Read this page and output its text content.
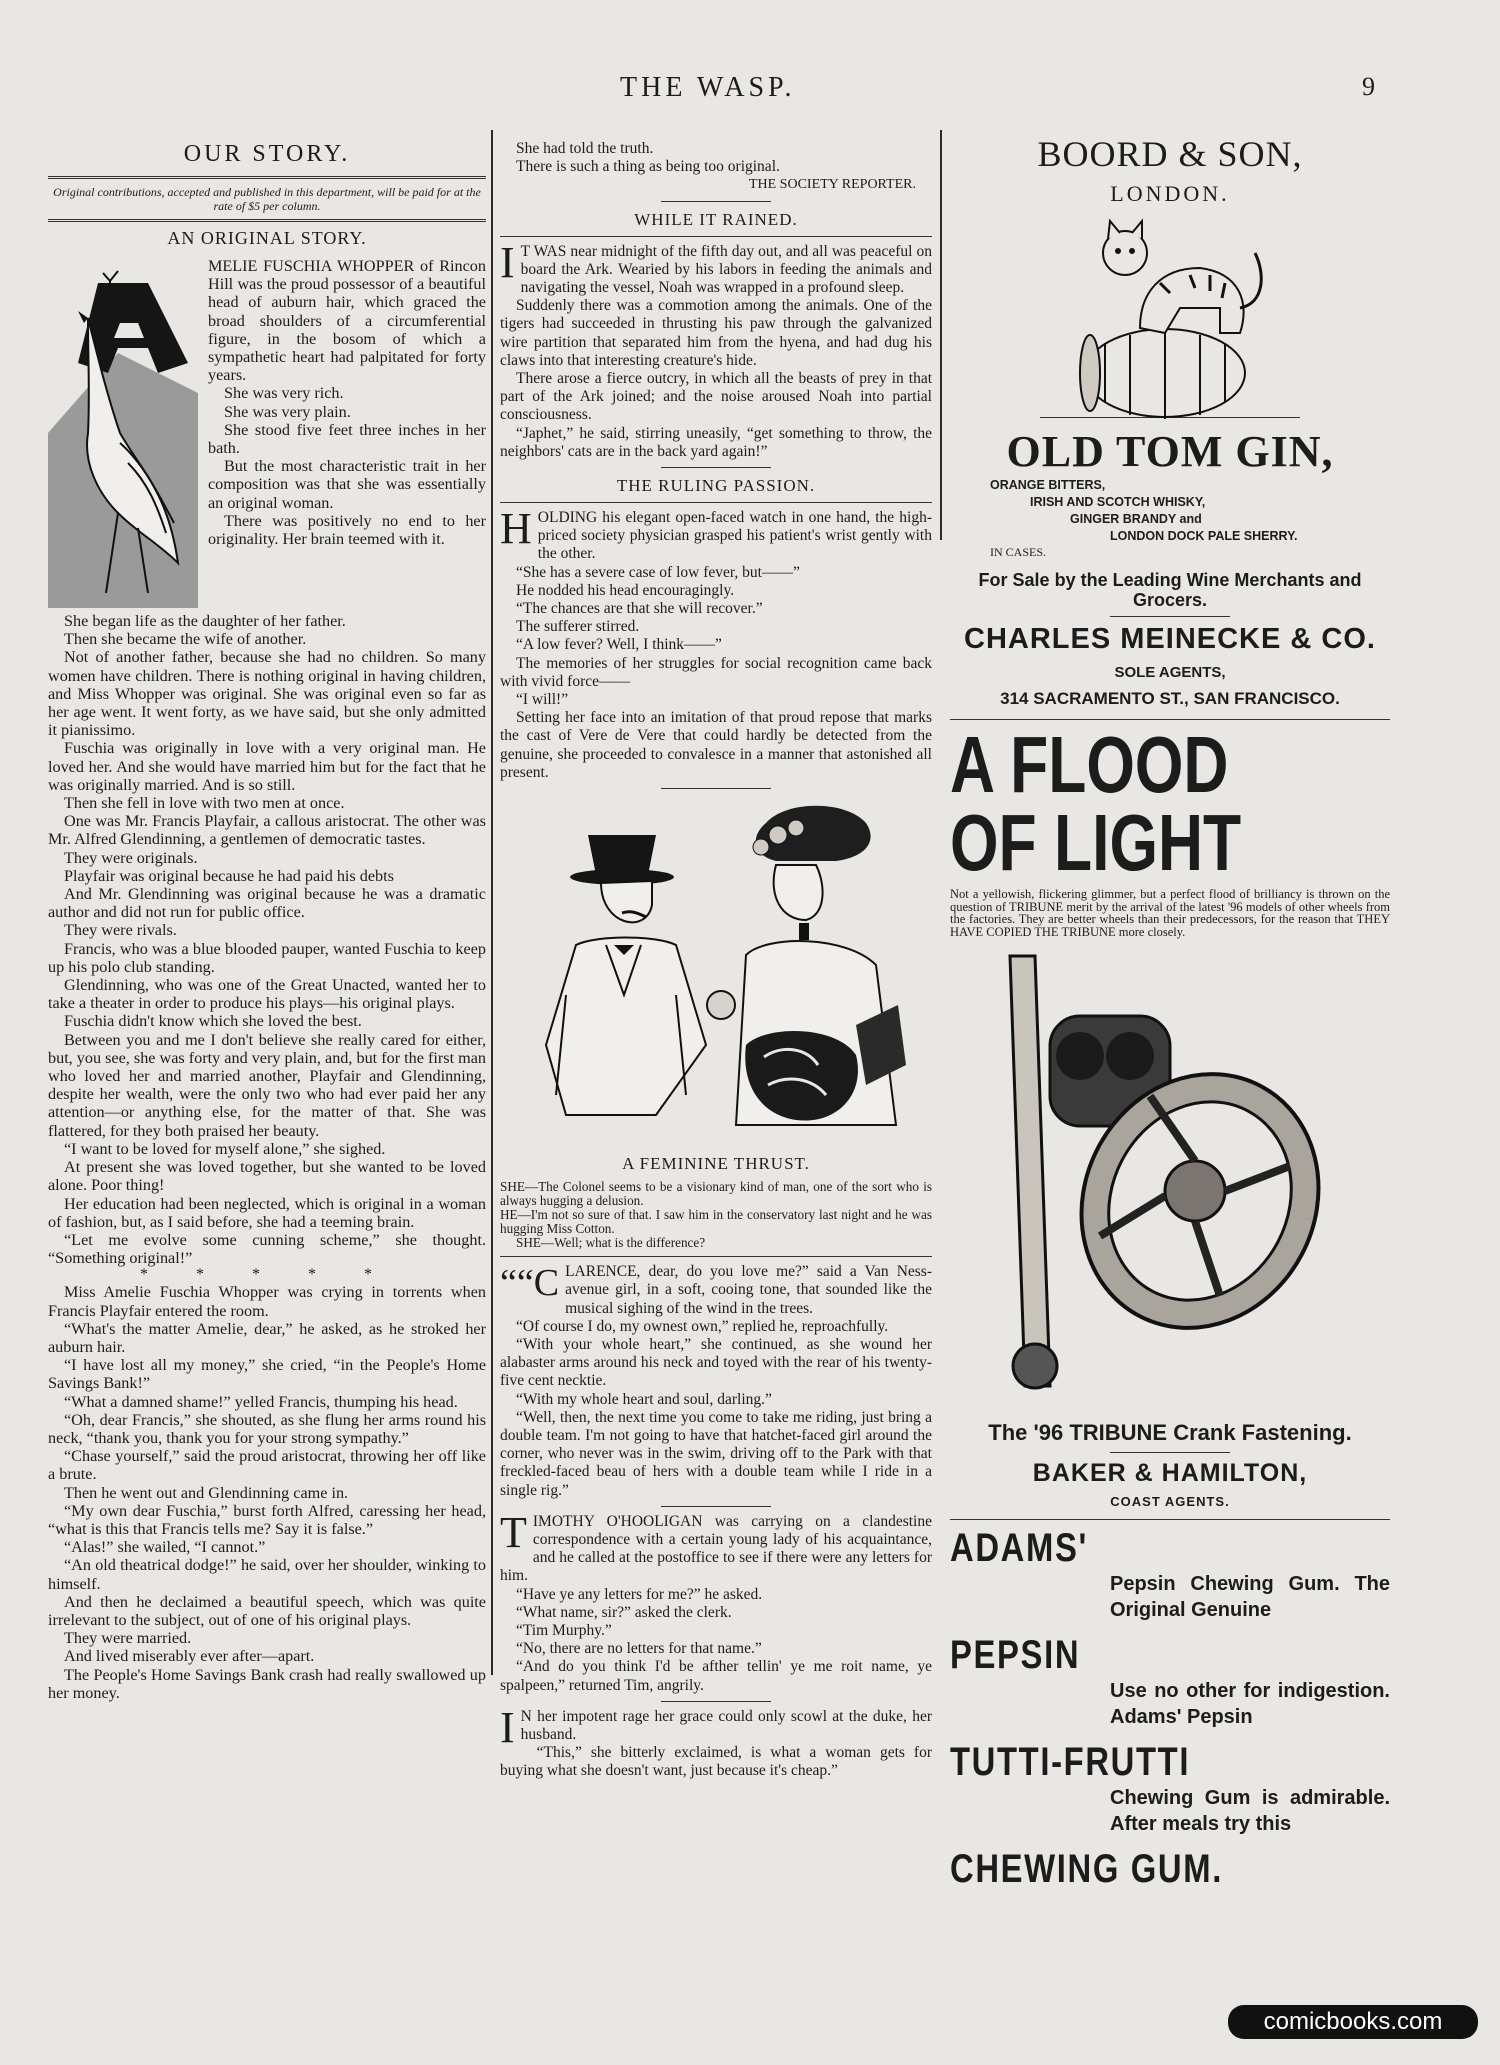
THE WASP.	9
OUR STORY.

Original contributions, accepted and published in this department, will be paid for at the rate of $5 per column.

AN ORIGINAL STORY.

MELIE FUSCHIA WHOPPER of Rincon Hill was the proud possessor of a beautiful head of auburn hair, which graced the broad shoulders of a circumferential figure, in the bosom of which a sympathetic heart had palpitated for forty years.

She was very rich.

She was very plain.

She stood five feet three inches in her bath.

But the most characteristic trait in her composition was that she was essentially an original woman.

There was positively no end to her originality. Her brain teemed with it.

She began life as the daughter of her father.

Then she became the wife of another.

Not of another father, because she had no children. So many women have children. There is nothing original in having children, and Miss Whopper was original. She was original even so far as her age went. It went forty, as we have said, but she only admitted it pianissimo.

Fuschia was originally in love with a very original man. He loved her. And she would have married him but for the fact that he was originally married. And is so still.

Then she fell in love with two men at once.

One was Mr. Francis Playfair, a callous aristocrat. The other was Mr. Alfred Glendinning, a gentlemen of democratic tastes.

They were originals.

Playfair was original because he had paid his debts

And Mr. Glendinning was original because he was a dramatic author and did not run for public office.

They were rivals.

Francis, who was a blue blooded pauper, wanted Fuschia to keep up his polo club standing.

Glendinning, who was one of the Great Unacted, wanted her to take a theater in order to produce his plays—his original plays.

Fuschia didn't know which she loved the best.

Between you and me I don't believe she really cared for either, but, you see, she was forty and very plain, and, but for the first man who loved her and married another, Playfair and Glendinning, despite her wealth, were the only two who had ever paid her any attention—or anything else, for the matter of that. She was flattered, for they both praised her beauty.

“I want to be loved for myself alone,” she sighed.

At present she was loved together, but she wanted to be loved alone. Poor thing!

Her education had been neglected, which is original in a woman of fashion, but, as I said before, she had a teeming brain.

“Let me evolve some cunning scheme,” she thought. “Something original!”

* * * * *

Miss Amelie Fuschia Whopper was crying in torrents when Francis Playfair entered the room.

“What's the matter Amelie, dear,” he asked, as he stroked her auburn hair.

“I have lost all my money,” she cried, “in the People's Home Savings Bank!”

“What a damned shame!” yelled Francis, thumping his head.

“Oh, dear Francis,” she shouted, as she flung her arms round his neck, “thank you, thank you for your strong sympathy.”

“Chase yourself,” said the proud aristocrat, throwing her off like a brute.

Then he went out and Glendinning came in.

“My own dear Fuschia,” burst forth Alfred, caressing her head, “what is this that Francis tells me? Say it is false.”

“Alas!” she wailed, “I cannot.”

“An old theatrical dodge!” he said, over her shoulder, winking to himself.

And then he declaimed a beautiful speech, which was quite irrelevant to the subject, out of one of his original plays.

They were married.

And lived miserably ever after—apart.

The People's Home Savings Bank crash had really swallowed up her money.

She had told the truth.

There is such a thing as being too original.

THE SOCIETY REPORTER.

WHILE IT RAINED.

I T WAS near midnight of the fifth day out, and all was peaceful on board the Ark. Wearied by his labors in feeding the animals and navigating the vessel, Noah was wrapped in a profound sleep.

Suddenly there was a commotion among the animals. One of the tigers had succeeded in thrusting his paw through the galvanized wire partition that separated him from the hyena, and had dug his claws into that interesting creature's hide.

There arose a fierce outcry, in which all the beasts of prey in that part of the Ark joined; and the noise aroused Noah into partial consciousness.

“Japhet,” he said, stirring uneasily, “get something to throw, the neighbors' cats are in the back yard again!”

THE RULING PASSION.

HOLDING his elegant open-faced watch in one hand, the high-priced society physician grasped his patient's wrist gently with the other.

“She has a severe case of low fever, but——”

He nodded his head encouragingly.

“The chances are that she will recover.”

The sufferer stirred.

“A low fever? Well, I think——”

The memories of her struggles for social recognition came back with vivid force——

“I will!”

Setting her face into an imitation of that proud repose that marks the cast of Vere de Vere that could hardly be detected from the genuine, she proceeded to convalesce in a manner that astonished all present.

A FEMININE THRUST.

SHE—The Colonel seems to be a visionary kind of man, one of the sort who is always hugging a delusion.

HE—I'm not so sure of that. I saw him in the conservatory last night and he was hugging Miss Cotton.

SHE—Well; what is the difference?

““C LARENCE, dear, do you love me?” said a Van Ness-avenue girl, in a soft, cooing tone, that sounded like the musical sighing of the wind in the trees.

“Of course I do, my ownest own,” replied he, reproachfully.

“With your whole heart,” she continued, as she wound her alabaster arms around his neck and toyed with the rear of his twenty-five cent necktie.

“With my whole heart and soul, darling.”

“Well, then, the next time you come to take me riding, just bring a double team. I'm not going to have that hatchet-faced girl around the corner, who never was in the swim, driving off to the Park with that freckled-faced beau of hers with a double team while I ride in a single rig.”

TIMOTHY O'HOOLIGAN was carrying on a clandestine correspondence with a certain young lady of his acquaintance, and he called at the postoffice to see if there were any letters for him.

“Have ye any letters for me?” he asked.

“What name, sir?” asked the clerk.

“Tim Murphy.”

“No, there are no letters for that name.”

“And do you think I'd be afther tellin' ye me roit name, ye spalpeen,” returned Tim, angrily.

I N her impotent rage her grace could only scowl at the duke, her husband.

“This,” she bitterly exclaimed, is what a woman gets for buying what she doesn't want, just because it's cheap.”

BOORD & SON,
LONDON.
OLD TOM GIN,
ORANGE BITTERS,
IRISH AND SCOTCH WHISKY,
GINGER BRANDY and
LONDON DOCK PALE SHERRY.
IN CASES.
For Sale by the Leading Wine Merchants and Grocers.
CHARLES MEINECKE & CO.
SOLE AGENTS,
314 SACRAMENTO ST., SAN FRANCISCO.
A FLOOD
OF LIGHT

Not a yellowish, flickering glimmer, but a perfect flood of brilliancy is thrown on the question of TRIBUNE merit by the arrival of the latest '96 models of other wheels from the factories. They are better wheels than their predecessors, for the reason that THEY HAVE COPIED THE TRIBUNE more closely.

The '96 TRIBUNE Crank Fastening.
BAKER & HAMILTON,
COAST AGENTS.
ADAMS'
Pepsin Chewing Gum. The Original Genuine
PEPSIN
Use no other for indigestion. Adams' Pepsin
TUTTI-FRUTTI
Chewing Gum is admirable. After meals try this
CHEWING GUM.
comicbooks.com
